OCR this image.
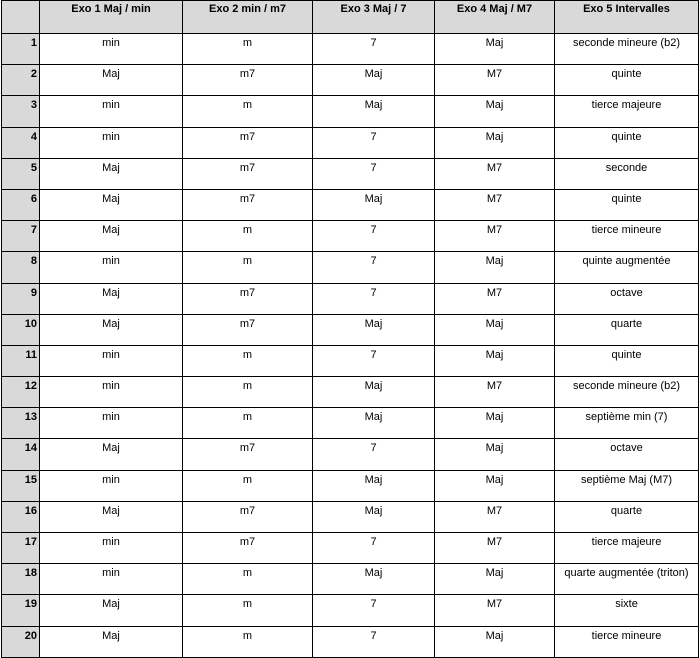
	Exo 1 Maj / min	Exo 2 min / m7	Exo 3 Maj / 7	Exo 4 Maj / M7	Exo 5 Intervalles
1	min	m	7	Maj	seconde mineure (b2)
2	Maj	m7	Maj	M7	quinte
3	min	m	Maj	Maj	tierce majeure
4	min	m7	7	Maj	quinte
5	Maj	m7	7	M7	seconde
6	Maj	m7	Maj	M7	quinte
7	Maj	m	7	M7	tierce mineure
8	min	m	7	Maj	quinte augmentée
9	Maj	m7	7	M7	octave
10	Maj	m7	Maj	Maj	quarte
11	min	m	7	Maj	quinte
12	min	m	Maj	M7	seconde mineure (b2)
13	min	m	Maj	Maj	septième min (7)
14	Maj	m7	7	Maj	octave
15	min	m	Maj	Maj	septième Maj (M7)
16	Maj	m7	Maj	M7	quarte
17	min	m7	7	M7	tierce majeure
18	min	m	Maj	Maj	quarte augmentée (triton)
19	Maj	m	7	M7	sixte
20	Maj	m	7	Maj	tierce mineure
